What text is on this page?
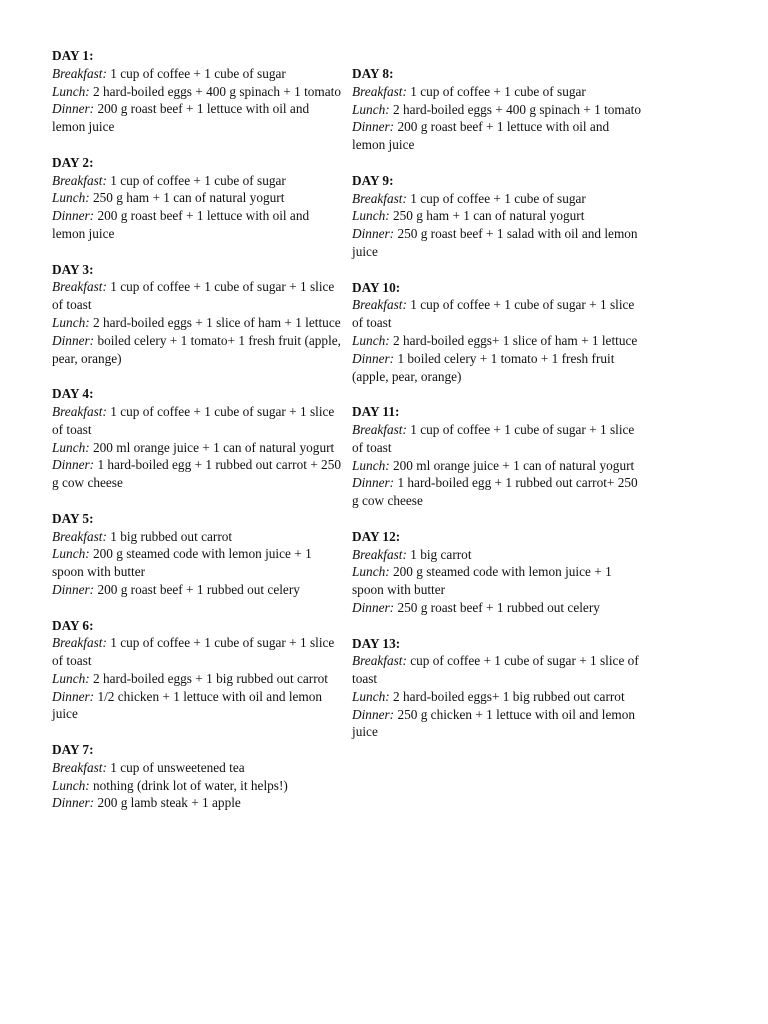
DAY 1:
Breakfast: 1 cup of coffee + 1 cube of sugar
Lunch: 2 hard-boiled eggs + 400 g spinach + 1 tomato
Dinner: 200 g roast beef + 1 lettuce with oil and lemon juice
DAY 2:
Breakfast: 1 cup of coffee + 1 cube of sugar
Lunch: 250 g ham + 1 can of natural yogurt
Dinner: 200 g roast beef + 1 lettuce with oil and lemon juice
DAY 3:
Breakfast: 1 cup of coffee + 1 cube of sugar + 1 slice of toast
Lunch: 2 hard-boiled eggs + 1 slice of ham + 1 lettuce
Dinner: boiled celery + 1 tomato+ 1 fresh fruit (apple, pear, orange)
DAY 4:
Breakfast: 1 cup of coffee + 1 cube of sugar + 1 slice of toast
Lunch: 200 ml orange juice + 1 can of natural yogurt
Dinner: 1 hard-boiled egg + 1 rubbed out carrot + 250 g cow cheese
DAY 5:
Breakfast: 1 big rubbed out carrot
Lunch: 200 g steamed code with lemon juice + 1 spoon with butter
Dinner: 200 g roast beef + 1 rubbed out celery
DAY 6:
Breakfast: 1 cup of coffee + 1 cube of sugar + 1 slice of toast
Lunch: 2 hard-boiled eggs + 1 big rubbed out carrot
Dinner: 1/2 chicken + 1 lettuce with oil and lemon juice
DAY 7:
Breakfast: 1 cup of unsweetened tea
Lunch: nothing (drink lot of water, it helps!)
Dinner: 200 g lamb steak + 1 apple
DAY 8:
Breakfast: 1 cup of coffee + 1 cube of sugar
Lunch: 2 hard-boiled eggs + 400 g spinach + 1 tomato
Dinner: 200 g roast beef + 1 lettuce with oil and lemon juice
DAY 9:
Breakfast: 1 cup of coffee + 1 cube of sugar
Lunch: 250 g ham + 1 can of natural yogurt
Dinner: 250 g roast beef + 1 salad with oil and lemon juice
DAY 10:
Breakfast: 1 cup of coffee + 1 cube of sugar + 1 slice of toast
Lunch: 2 hard-boiled eggs+ 1 slice of ham + 1 lettuce
Dinner: 1 boiled celery + 1 tomato + 1 fresh fruit (apple, pear, orange)
DAY 11:
Breakfast: 1 cup of coffee + 1 cube of sugar + 1 slice of toast
Lunch: 200 ml orange juice + 1 can of natural yogurt
Dinner: 1 hard-boiled egg + 1 rubbed out carrot+ 250 g cow cheese
DAY 12:
Breakfast: 1 big carrot
Lunch: 200 g steamed code with lemon juice + 1 spoon with butter
Dinner: 250 g roast beef + 1 rubbed out celery
DAY 13:
Breakfast: cup of coffee + 1 cube of sugar + 1 slice of toast
Lunch: 2 hard-boiled eggs+ 1 big rubbed out carrot
Dinner: 250 g chicken + 1 lettuce with oil and lemon juice
